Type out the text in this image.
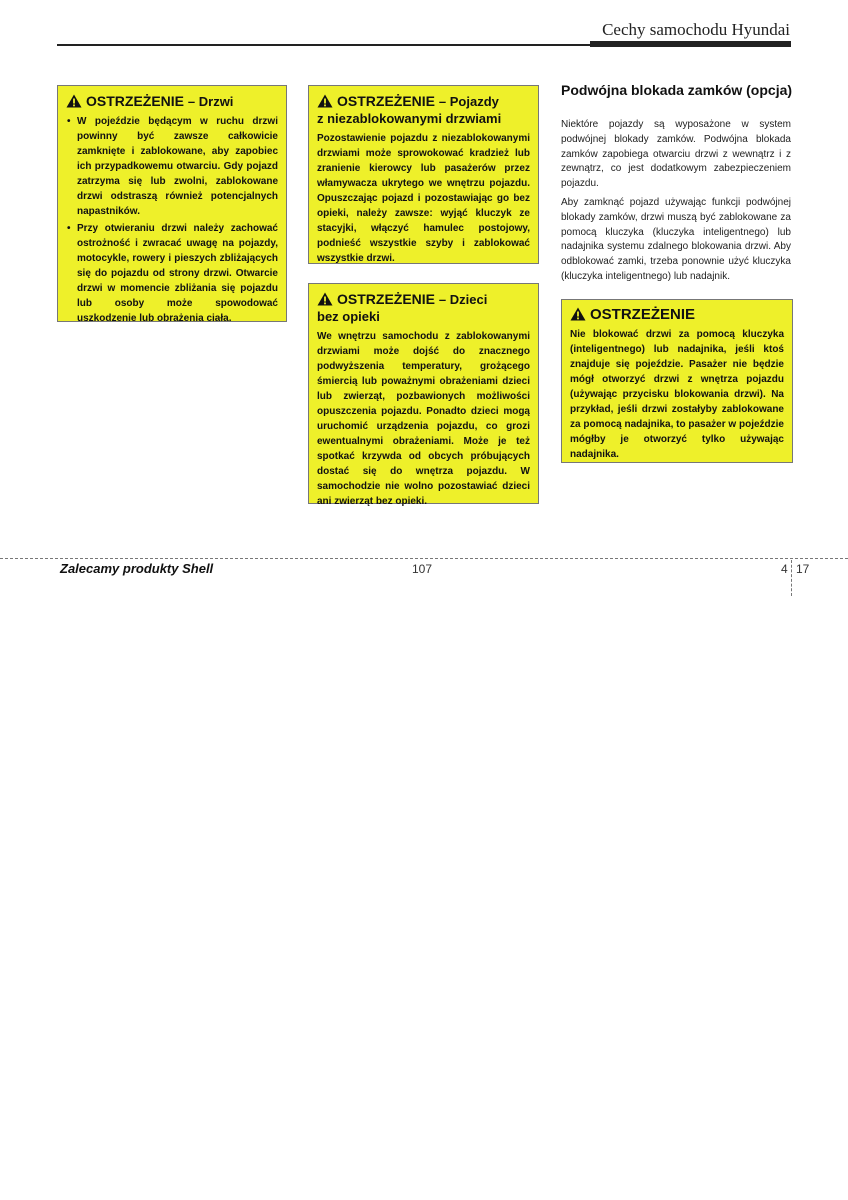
Cechy samochodu Hyundai
OSTRZEŻENIE – Drzwi
• W pojeździe będącym w ruchu drzwi powinny być zawsze całkowicie zamknięte i zablokowane, aby zapobiec ich przypadkowemu otwarciu. Gdy pojazd zatrzyma się lub zwolni, zablokowane drzwi odstraszą również potencjalnych napastników.
• Przy otwieraniu drzwi należy zachować ostrożność i zwracać uwagę na pojazdy, motocykle, rowery i pieszych zbliżających się do pojazdu od strony drzwi. Otwarcie drzwi w momencie zbliżania się pojazdu lub osoby może spowodować uszkodzenie lub obrażenia ciała.
OSTRZEŻENIE – Pojazdy
z niezablokowanymi drzwiami

Pozostawienie pojazdu z niezablokowanymi drzwiami może sprowokować kradzież lub zranienie kierowcy lub pasażerów przez włamywacza ukrytego we wnętrzu pojazdu. Opuszczając pojazd i pozostawiając go bez opieki, należy zawsze: wyjąć kluczyk ze stacyjki, włączyć hamulec postojowy, podnieść wszystkie szyby i zablokować wszystkie drzwi.

OSTRZEŻENIE – Dzieci
bez opieki

We wnętrzu samochodu z zablokowanymi drzwiami może dojść do znacznego podwyższenia temperatury, grożącego śmiercią lub poważnymi obrażeniami dzieci lub zwierząt, pozbawionych możliwości opuszczenia pojazdu. Ponadto dzieci mogą uruchomić urządzenia pojazdu, co grozi ewentualnymi obrażeniami. Może je też spotkać krzywda od obcych próbujących dostać się do wnętrza pojazdu. W samochodzie nie wolno pozostawiać dzieci ani zwierząt bez opieki.

Podwójna blokada zamków (opcja)

Niektóre pojazdy są wyposażone w system podwójnej blokady zamków. Podwójna blokada zamków zapobiega otwarciu drzwi z wewnątrz i z zewnątrz, co jest dodatkowym zabezpieczeniem pojazdu.

Aby zamknąć pojazd używając funkcji podwójnej blokady zamków, drzwi muszą być zablokowane za pomocą kluczyka (kluczyka inteligentnego) lub nadajnika systemu zdalnego blokowania drzwi. Aby odblokować zamki, trzeba ponownie użyć kluczyka (kluczyka inteligentnego) lub nadajnik.

OSTRZEŻENIE

Nie blokować drzwi za pomocą kluczyka (inteligentnego) lub nadajnika, jeśli ktoś znajduje się pojeździe. Pasażer nie będzie mógł otworzyć drzwi z wnętrza pojazdu (używając przycisku blokowania drzwi). Na przykład, jeśli drzwi zostałyby zablokowane za pomocą nadajnika, to pasażer w pojeździe mógłby je otworzyć tylko używając nadajnika.

Zalecamy produkty Shell	107	4 17
